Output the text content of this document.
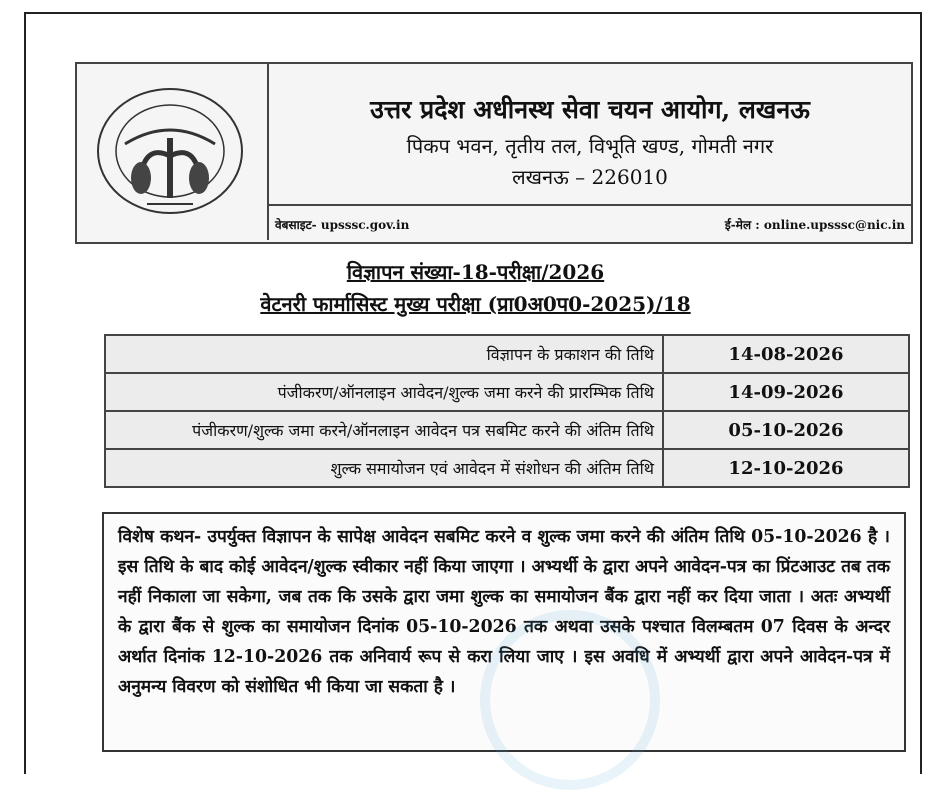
उत्तर प्रदेश अधीनस्थ सेवा चयन आयोग, लखनऊ
पिकप भवन, तृतीय तल, विभूति खण्ड, गोमती नगर
लखनऊ – 226010
वेबसाइट- upsssc.gov.in	ई-मेल : online.upsssc@nic.in
विज्ञापन संख्या-18-परीक्षा/2026
वेटनरी फार्मासिस्ट मुख्य परीक्षा (प्रा0अ0प0-2025)/18
विज्ञापन के प्रकाशन की तिथि	14-08-2026
पंजीकरण/ऑनलाइन आवेदन/शुल्क जमा करने की प्रारम्भिक तिथि	14-09-2026
पंजीकरण/शुल्क जमा करने/ऑनलाइन आवेदन पत्र सबमिट करने की अंतिम तिथि	05-10-2026
शुल्क समायोजन एवं आवेदन में संशोधन की अंतिम तिथि	12-10-2026
विशेष कथन- उपर्युक्त विज्ञापन के सापेक्ष आवेदन सबमिट करने व शुल्क जमा करने की अंतिम तिथि 05-10-2026 है । इस तिथि के बाद कोई आवेदन/शुल्क स्वीकार नहीं किया जाएगा । अभ्यर्थी के द्वारा अपने आवेदन-पत्र का प्रिंटआउट तब तक नहीं निकाला जा सकेगा, जब तक कि उसके द्वारा जमा शुल्क का समायोजन बैंक द्वारा नहीं कर दिया जाता । अतः अभ्यर्थी के द्वारा बैंक से शुल्क का समायोजन दिनांक 05-10-2026 तक अथवा उसके पश्चात विलम्बतम 07 दिवस के अन्दर अर्थात दिनांक 12-10-2026 तक अनिवार्य रूप से करा लिया जाए । इस अवधि में अभ्यर्थी द्वारा अपने आवेदन-पत्र में अनुमन्य विवरण को संशोधित भी किया जा सकता है ।
